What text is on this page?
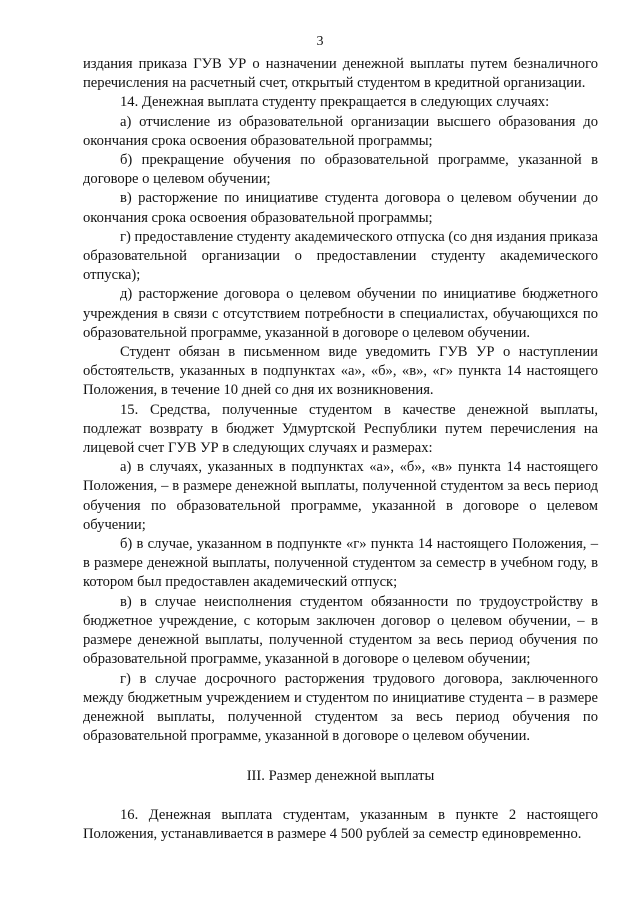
3

издания приказа ГУВ УР о назначении денежной выплаты путем безналичного перечисления на расчетный счет, открытый студентом в кредитной организации.

14. Денежная выплата студенту прекращается в следующих случаях:

а) отчисление из образовательной организации высшего образования до окончания срока освоения образовательной программы;

б) прекращение обучения по образовательной программе, указанной в договоре о целевом обучении;

в) расторжение по инициативе студента договора о целевом обучении до окончания срока освоения образовательной программы;

г) предоставление студенту академического отпуска (со дня издания приказа образовательной организации о предоставлении студенту академического отпуска);

д) расторжение договора о целевом обучении по инициативе бюджетного учреждения в связи с отсутствием потребности в специалистах, обучающихся по образовательной программе, указанной в договоре о целевом обучении.

Студент обязан в письменном виде уведомить ГУВ УР о наступлении обстоятельств, указанных в подпунктах «а», «б», «в», «г» пункта 14 настоящего Положения, в течение 10 дней со дня их возникновения.

15. Средства, полученные студентом в качестве денежной выплаты, подлежат возврату в бюджет Удмуртской Республики путем перечисления на лицевой счет ГУВ УР в следующих случаях и размерах:

а) в случаях, указанных в подпунктах «а», «б», «в» пункта 14 настоящего Положения, – в размере денежной выплаты, полученной студентом за весь период обучения по образовательной программе, указанной в договоре о целевом обучении;

б) в случае, указанном в подпункте «г» пункта 14 настоящего Положения, – в размере денежной выплаты, полученной студентом за семестр в учебном году, в котором был предоставлен академический отпуск;

в) в случае неисполнения студентом обязанности по трудоустройству в бюджетное учреждение, с которым заключен договор о целевом обучении, – в размере денежной выплаты, полученной студентом за весь период обучения по образовательной программе, указанной в договоре о целевом обучении;

г) в случае досрочного расторжения трудового договора, заключенного между бюджетным учреждением и студентом по инициативе студента – в размере денежной выплаты, полученной студентом за весь период обучения по образовательной программе, указанной в договоре о целевом обучении.

III. Размер денежной выплаты

16. Денежная выплата студентам, указанным в пункте 2 настоящего Положения, устанавливается в размере 4 500 рублей за семестр единовременно.
